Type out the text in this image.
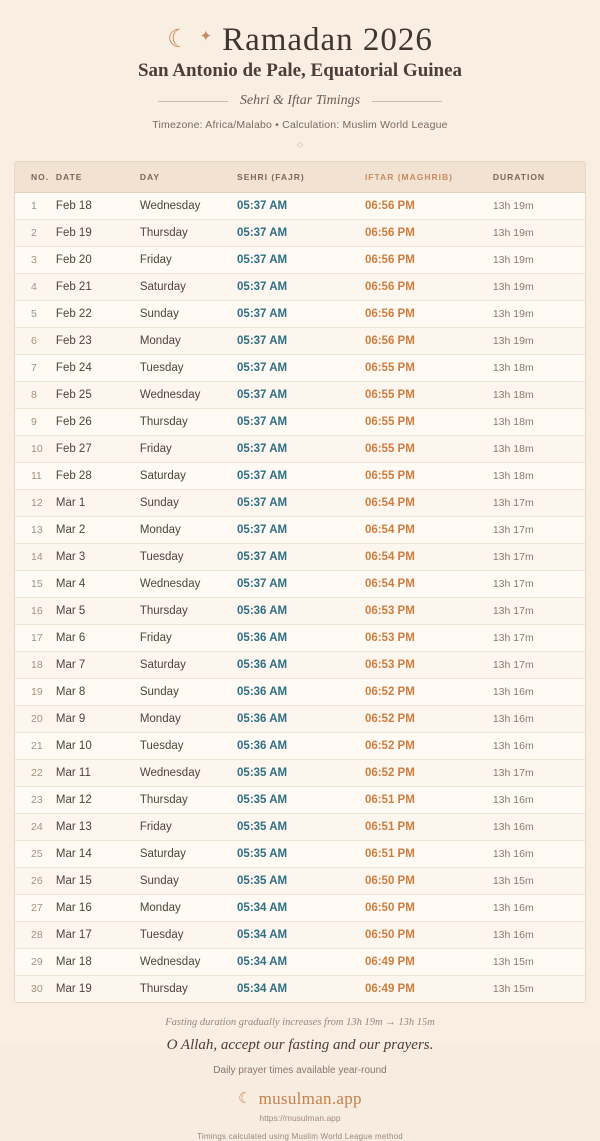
☾ ✦ Ramadan 2026
San Antonio de Pale, Equatorial Guinea
Sehri & Iftar Timings
Timezone: Africa/Malabo • Calculation: Muslim World League
◇
NO.	DATE	DAY	SEHRI (FAJR)	IFTAR (MAGHRIB)	DURATION
1	Feb 18	Wednesday	05:37 AM	06:56 PM	13h 19m
2	Feb 19	Thursday	05:37 AM	06:56 PM	13h 19m
3	Feb 20	Friday	05:37 AM	06:56 PM	13h 19m
4	Feb 21	Saturday	05:37 AM	06:56 PM	13h 19m
5	Feb 22	Sunday	05:37 AM	06:56 PM	13h 19m
6	Feb 23	Monday	05:37 AM	06:56 PM	13h 19m
7	Feb 24	Tuesday	05:37 AM	06:55 PM	13h 18m
8	Feb 25	Wednesday	05:37 AM	06:55 PM	13h 18m
9	Feb 26	Thursday	05:37 AM	06:55 PM	13h 18m
10	Feb 27	Friday	05:37 AM	06:55 PM	13h 18m
11	Feb 28	Saturday	05:37 AM	06:55 PM	13h 18m
12	Mar 1	Sunday	05:37 AM	06:54 PM	13h 17m
13	Mar 2	Monday	05:37 AM	06:54 PM	13h 17m
14	Mar 3	Tuesday	05:37 AM	06:54 PM	13h 17m
15	Mar 4	Wednesday	05:37 AM	06:54 PM	13h 17m
16	Mar 5	Thursday	05:36 AM	06:53 PM	13h 17m
17	Mar 6	Friday	05:36 AM	06:53 PM	13h 17m
18	Mar 7	Saturday	05:36 AM	06:53 PM	13h 17m
19	Mar 8	Sunday	05:36 AM	06:52 PM	13h 16m
20	Mar 9	Monday	05:36 AM	06:52 PM	13h 16m
21	Mar 10	Tuesday	05:36 AM	06:52 PM	13h 16m
22	Mar 11	Wednesday	05:35 AM	06:52 PM	13h 17m
23	Mar 12	Thursday	05:35 AM	06:51 PM	13h 16m
24	Mar 13	Friday	05:35 AM	06:51 PM	13h 16m
25	Mar 14	Saturday	05:35 AM	06:51 PM	13h 16m
26	Mar 15	Sunday	05:35 AM	06:50 PM	13h 15m
27	Mar 16	Monday	05:34 AM	06:50 PM	13h 16m
28	Mar 17	Tuesday	05:34 AM	06:50 PM	13h 16m
29	Mar 18	Wednesday	05:34 AM	06:49 PM	13h 15m
30	Mar 19	Thursday	05:34 AM	06:49 PM	13h 15m
Fasting duration gradually increases from 13h 19m → 13h 15m
O Allah, accept our fasting and our prayers.
Daily prayer times available year-round
☾ musulman.app
https://musulman.app
Timings calculated using Muslim World League method
